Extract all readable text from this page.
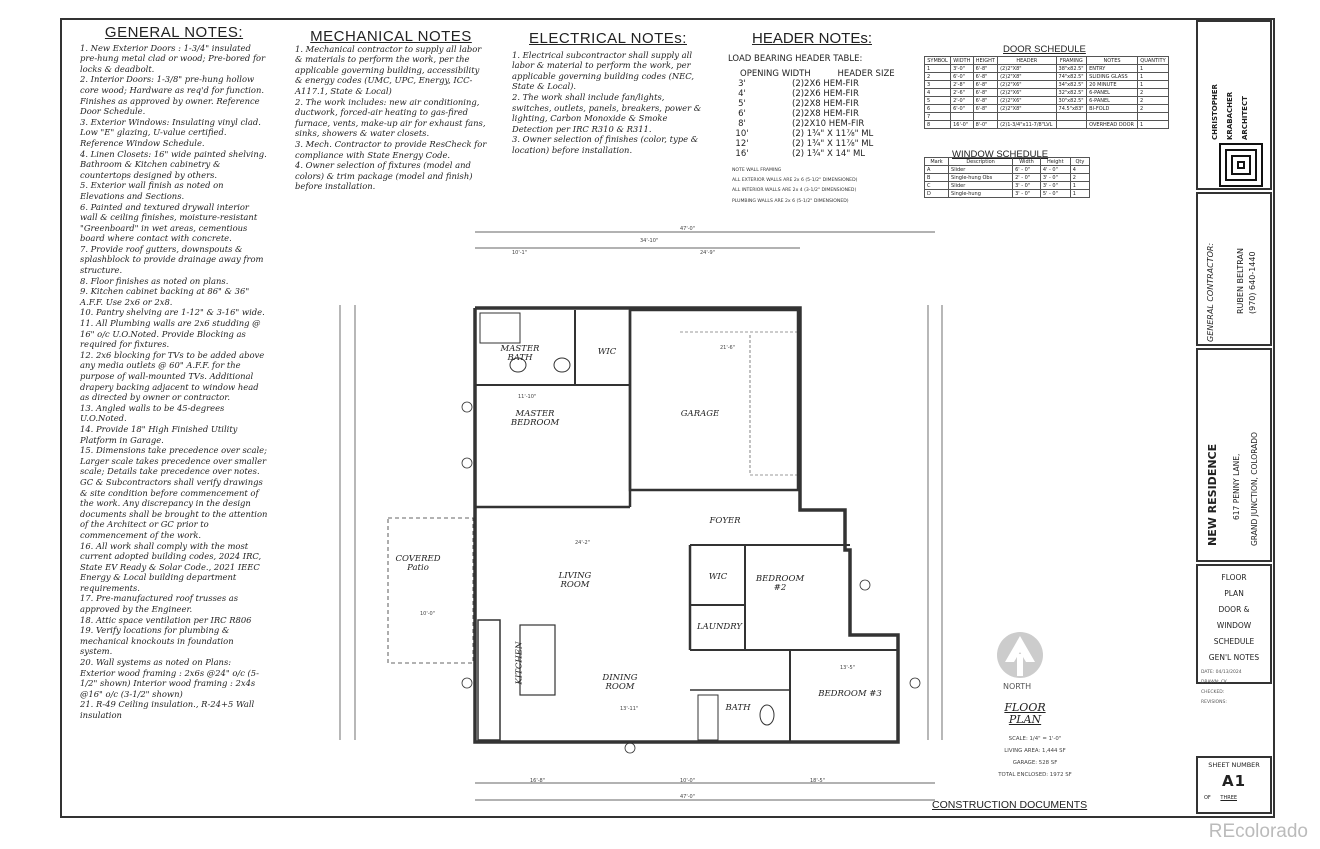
GENERAL NOTES:

1. New Exterior Doors : 1-3/4" insulated pre-hung metal clad or wood; Pre-bored for locks & deadbolt.

2. Interior Doors: 1-3/8" pre-hung hollow core wood; Hardware as req'd for function. Finishes as approved by owner. Reference Door Schedule.

3. Exterior Windows: Insulating vinyl clad. Low "E" glazing, U-value certified. Reference Window Schedule.

4. Linen Closets: 16" wide painted shelving. Bathroom & Kitchen cabinetry & countertops designed by others.

5. Exterior wall finish as noted on Elevations and Sections.

6. Painted and textured drywall interior wall & ceiling finishes, moisture-resistant "Greenboard" in wet areas, cementious board where contact with concrete.

7. Provide roof gutters, downspouts & splashblock to provide drainage away from structure.

8. Floor finishes as noted on plans.

9. Kitchen cabinet backing at 86" & 36" A.F.F. Use 2x6 or 2x8.

10. Pantry shelving are 1-12" & 3-16" wide.

11. All Plumbing walls are 2x6 studding @ 16" o/c U.O.Noted. Provide Blocking as required for fixtures.

12. 2x6 blocking for TVs to be added above any media outlets @ 60" A.F.F. for the purpose of wall-mounted TVs. Additional drapery backing adjacent to window head as directed by owner or contractor.

13. Angled walls to be 45-degrees U.O.Noted.

14. Provide 18" High Finished Utility Platform in Garage.

15. Dimensions take precedence over scale; Larger scale takes precedence over smaller scale; Details take precedence over notes. GC & Subcontractors shall verify drawings & site condition before commencement of the work. Any discrepancy in the design documents shall be brought to the attention of the Architect or GC prior to commencement of the work.

16. All work shall comply with the most current adopted building codes, 2024 IRC, State EV Ready & Solar Code., 2021 IEEC Energy & Local building department requirements.

17. Pre-manufactured roof trusses as approved by the Engineer.

18. Attic space ventilation per IRC R806

19. Verify locations for plumbing & mechanical knockouts in foundation system.

20. Wall systems as noted on Plans: Exterior wood framing : 2x6s @24" o/c (5-1/2" shown) Interior wood framing : 2x4s @16" o/c (3-1/2" shown)

21. R-49 Ceiling insulation., R-24+5 Wall insulation

MECHANICAL NOTES

1. Mechanical contractor to supply all labor & materials to perform the work, per the applicable governing building, accessibility & energy codes (UMC, UPC, Energy, ICC-A117.1, State & Local)

2. The work includes: new air conditioning, ductwork, forced-air heating to gas-fired furnace, vents, make-up air for exhaust fans, sinks, showers & water closets.

3. Mech. Contractor to provide ResCheck for compliance with State Energy Code.

4. Owner selection of fixtures (model and colors) & trim package (model and finish) before installation.

ELECTRICAL NOTEs:

1. Electrical subcontractor shall supply all labor & material to perform the work, per applicable governing building codes (NEC, State & Local).

2. The work shall include fan/lights, switches, outlets, panels, breakers, power & lighting, Carbon Monoxide & Smoke Detection per IRC R310 & R311.

3. Owner selection of finishes (color, type & location) before installation.

HEADER NOTEs:
LOAD BEARING HEADER TABLE:
OPENING WIDTH	HEADER SIZE
3'	(2)2X6 HEM-FIR
4'	(2)2X6 HEM-FIR
5'	(2)2X8 HEM-FIR
6'	(2)2X8 HEM-FIR
8'	(2)2X10 HEM-FIR
10'	(2) 1¾" X 11⅞" ML
12'	(2) 1¾" X 11⅞" ML
16'	(2) 1¾" X 14" ML

NOTE WALL FRAMING

ALL EXTERIOR WALLS ARE 2x 6 (5-1/2" DIMENSIONED)

ALL INTERIOR WALLS ARE 2x 4 (3-1/2" DIMENSIONED)

PLUMBING WALLS ARE 2x 6 (5-1/2" DIMENSIONED)

DOOR SCHEDULE
SYMBOL	WIDTH	HEIGHT	HEADER	FRAMING	NOTES	QUANTITY
1	3'-0"	6'-8"	(2)2"X8"	38"x82.5"	ENTRY	1
2	6'-0"	6'-8"	(2)2"X8"	74"x82.5"	SLIDING GLASS	1
3	2'-8"	6'-8"	(2)2"X6"	34"x82.5"	20 MINUTE	1
4	2'-6"	6'-8"	(2)2"X6"	32"x82.5"	6-PANEL	2
5	2'-0"	6'-8"	(2)2"X6"	30"x82.5"	6-PANEL	2
6	6'-0"	6'-8"	(2)2"X8"	74.5"x83"	BI-FOLD	2
7						
8	16'-0"	8'-0"	(2)1-3/4"x11-7/8"LVL		OVERHEAD DOOR	1
WINDOW SCHEDULE
Mark	Description	Width	Height	Qty
A	Slider	6' - 0"	4' - 0"	4
B	Single-hung Obs	2' - 0"	3' - 0"	2
C	Slider	3' - 0"	3' - 0"	1
D	Single-hung	3' - 0"	5' - 0"	1
MASTER BATH
WIC
MASTER BEDROOM
GARAGE
FOYER
COVERED Patio
LIVING ROOM
WIC	BEDROOM #2
LAUNDRY
KITCHEN	DINING ROOM
BATH
BEDROOM #3
47'-0"
34'-10"
10'-1"	24'-9"
21'-6"
11'-10"
24'-2"
10'-0"
13'-11"
13'-5"
16'-8"	10'-0"	18'-5"
47'-0"
NORTH
FLOOR PLAN

SCALE: 1/4" = 1'-0"

LIVING AREA: 1,444 SF

GARAGE: 528 SF

TOTAL ENCLOSED: 1972 SF

CONSTRUCTION DOCUMENTS

CHRISTOPHER KRABACHER ARCHITECT

GENERAL CONTRACTOR:	RUBEN BELTRAN (970) 640-1440
NEW RESIDENCE 617 PENNY LANE, GRAND JUNCTION, COLORADO

FLOOR

PLAN

DOOR &

WINDOW

SCHEDULE

GEN'L NOTES

DATE: 04/13/2024

DRAWN: CK

CHECKED:

REVISIONS:

SHEET NUMBER
A1
OF THREE
REcolorado
